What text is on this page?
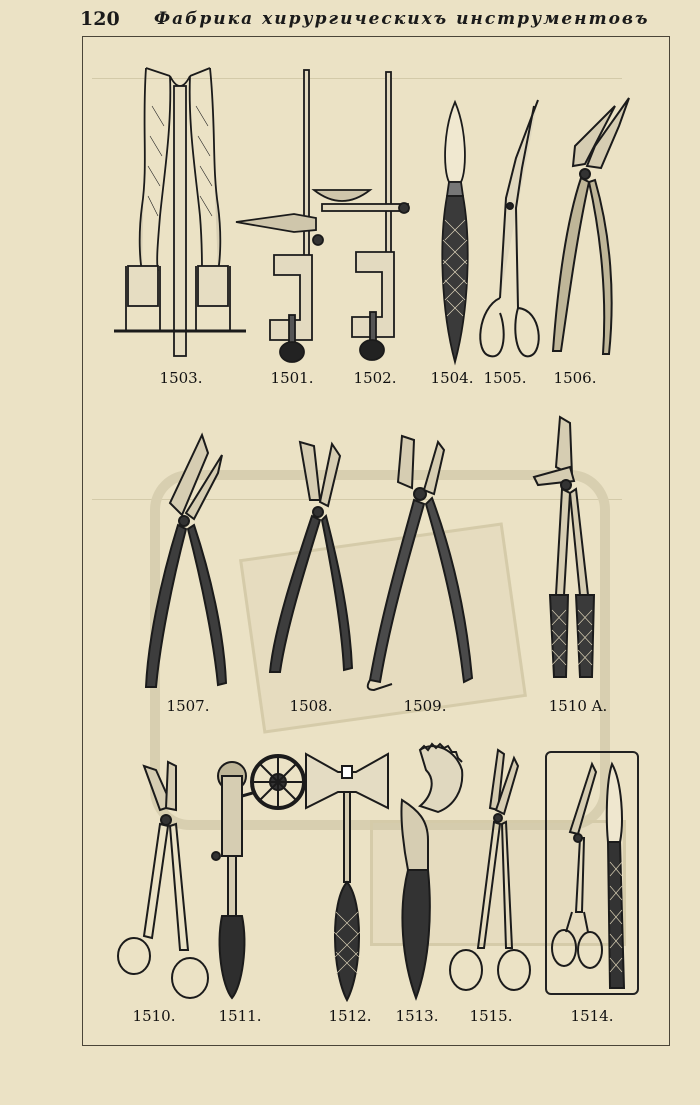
120 Фабрика хирургическихъ инструментовъ
1503.	1501.	1502. 1504. 1505. 1506.
1507.	1508.	1509.	1510 A.
1510.	1511.	1512. 1513. 1515.	1514.
